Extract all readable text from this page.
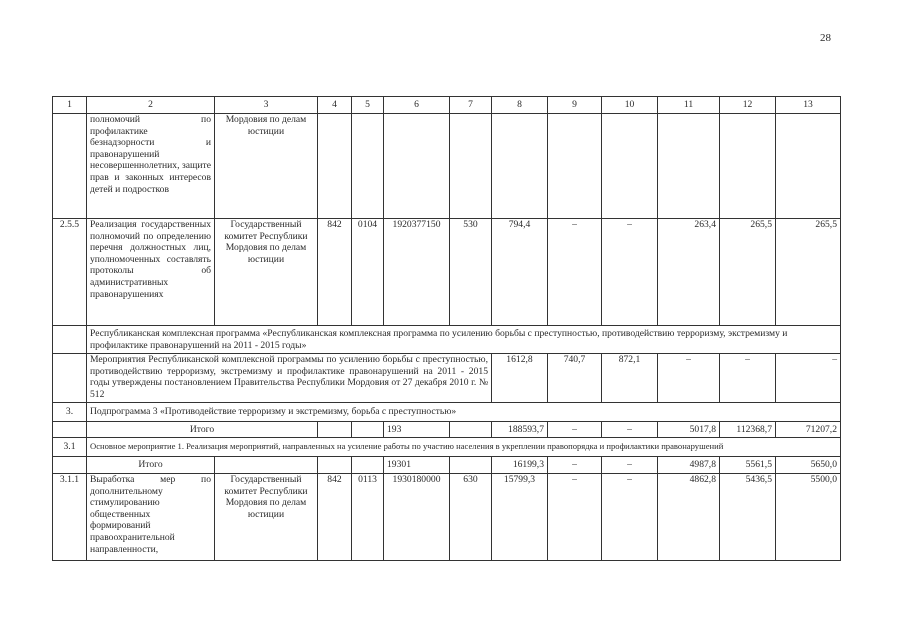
28
1	2	3	4	5	6	7	8	9	10	11	12	13
	полномочий по профилактике безнадзорности и правонарушений несовершеннолетних, защите прав и законных интересов детей и подростков	Мордовия по делам юстиции										
2.5.5	Реализация государственных полномочий по определению перечня должностных лиц, уполномоченных составлять протоколы об административных правонарушениях	Государственный комитет Республики Мордовия по делам юстиции	842	0104	1920377150	530	794,4	–	–	263,4	265,5	265,5
	Республиканская комплексная программа «Республиканская комплексная программа по усилению борьбы с преступностью, противодействию терроризму, экстремизму и профилактике правонарушений на 2011 - 2015 годы»											
	Мероприятия Республиканской комплексной программы по усилению борьбы с преступностью, противодействию терроризму, экстремизму и профилактике правонарушений на 2011 - 2015 годы утверждены постановлением Правительства Республики Мордовия от 27 декабря 2010 г. № 512						1612,8	740,7	872,1	–	–	–
3.	Подпрограмма 3 «Противодействие терроризму и экстремизму, борьба с преступностью»											
	Итого				193		188593,7	–	–	5017,8	112368,7	71207,2
3.1	Основное мероприятие 1. Реализация мероприятий, направленных на усиление работы по участию населения в укреплении правопорядка и профилактики правонарушений											
	Итого				19301		16199,3	–	–	4987,8	5561,5	5650,0
3.1.1	Выработка мер по дополнительному стимулированию общественных формирований правоохранительной направленности,	Государственный комитет Республики Мордовия по делам юстиции	842	0113	1930180000	630	15799,3	–	–	4862,8	5436,5	5500,0
